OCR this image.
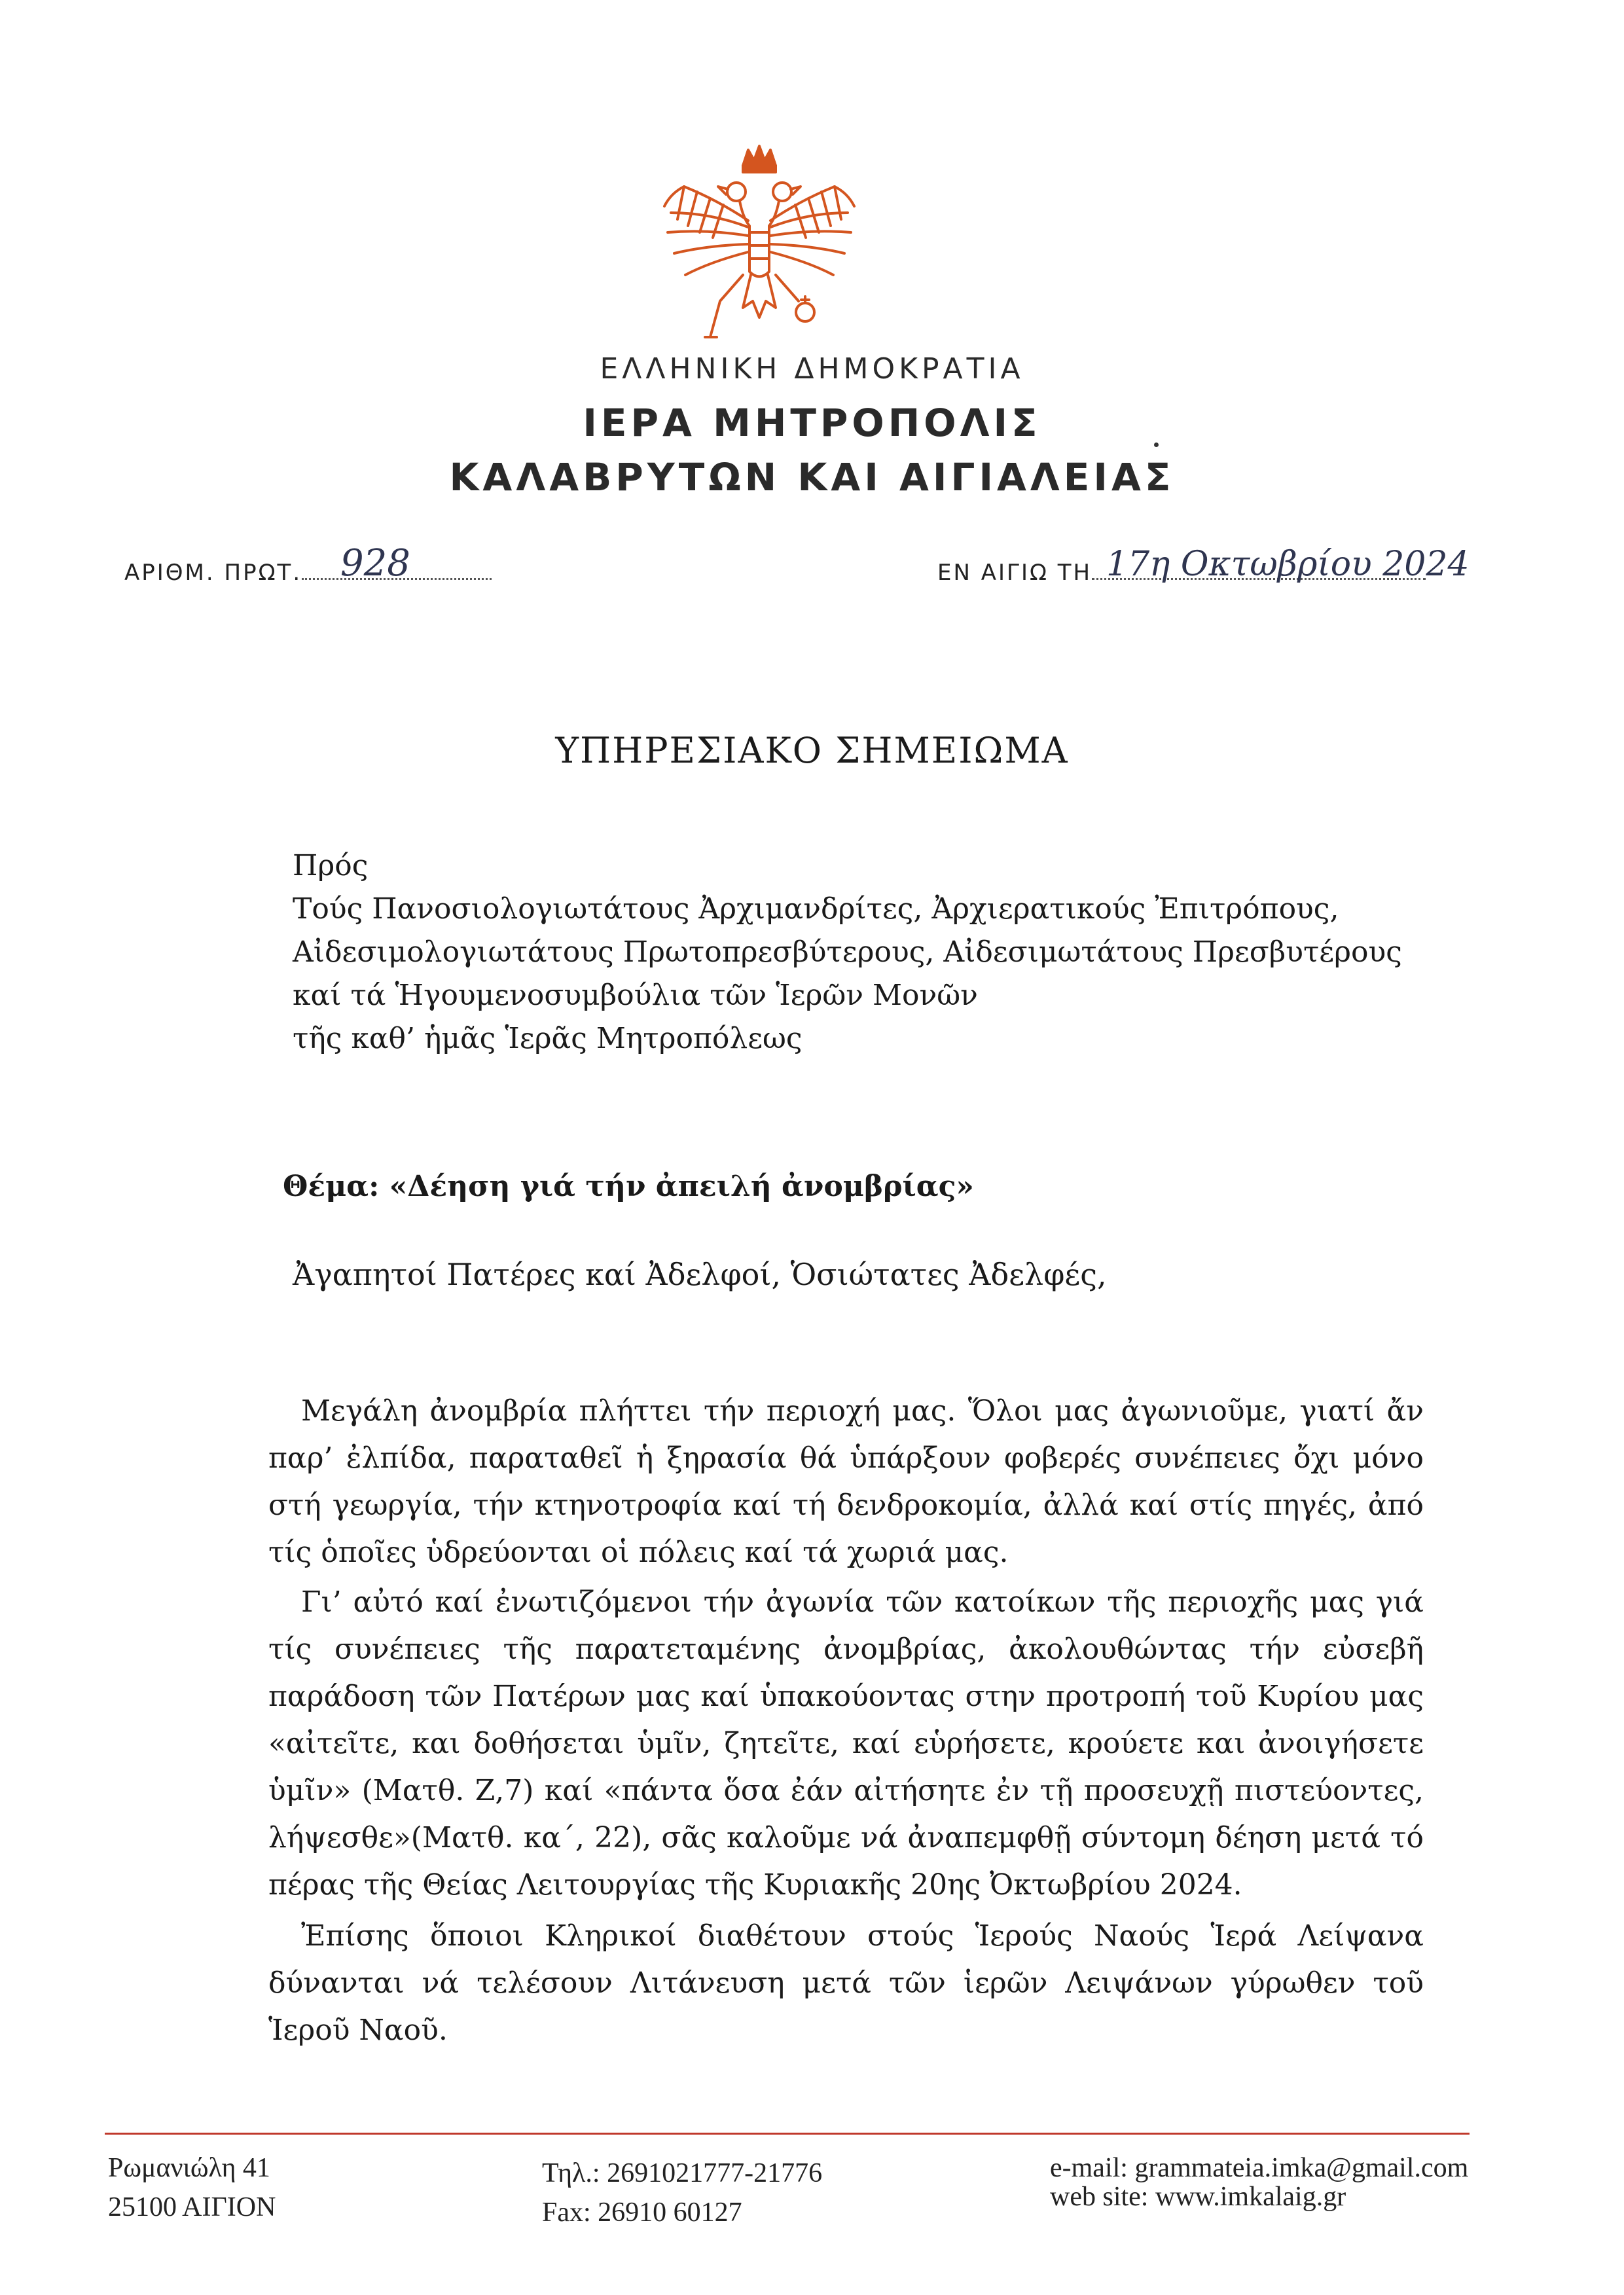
ΕΛΛΗΝΙΚΗ ΔΗΜΟΚΡΑΤΙΑ
ΙΕΡΑ ΜΗΤΡΟΠΟΛΙΣ
ΚΑΛΑΒΡΥΤΩΝ ΚΑΙ ΑΙΓΙΑΛΕΙΑΣ
ΑΡΙΘΜ. ΠΡΩΤ.	928	ΕΝ ΑΙΓΙΩ ΤΗ 17η Οκτωβρίου 2024
ΥΠΗΡΕΣΙΑΚΟ ΣΗΜΕΙΩΜΑ
Πρός
Τούς Πανοσιολογιωτάτους Ἀρχιμανδρίτες, Ἀρχιερατικούς Ἐπιτρόπους,
Αἰδεσιμολογιωτάτους Πρωτοπρεσβύτερους, Αἰδεσιμωτάτους Πρεσβυτέρους
καί τά Ἡγουμενοσυμβούλια τῶν Ἱερῶν Μονῶν
τῆς καθ’ ἡμᾶς Ἱερᾶς Μητροπόλεως
Θέμα: «Δέηση γιά τήν ἀπειλή ἀνομβρίας»
Ἀγαπητοί Πατέρες καί Ἀδελφοί, Ὁσιώτατες Ἀδελφές,

Μεγάλη ἀνομβρία πλήττει τήν περιοχή μας. Ὅλοι μας ἀγωνιοῦμε, γιατί ἄν παρ’ ἐλπίδα, παραταθεῖ ἡ ξηρασία θά ὑπάρξουν φοβερές συνέπειες ὄχι μόνο στή γεωργία, τήν κτηνοτροφία καί τή δενδροκομία, ἀλλά καί στίς πηγές, ἀπό τίς ὁποῖες ὑδρεύονται οἱ πόλεις καί τά χωριά μας.

Γι’ αὐτό καί ἐνωτιζόμενοι τήν ἀγωνία τῶν κατοίκων τῆς περιοχῆς μας γιά τίς συνέπειες τῆς παρατεταμένης ἀνομβρίας, ἀκολουθώντας τήν εὐσεβῆ παράδοση τῶν Πατέρων μας καί ὑπακούοντας στην προτροπή τοῦ Κυρίου μας «αἰτεῖτε, και δοθήσεται ὑμῖν, ζητεῖτε, καί εὑρήσετε, κρούετε και ἀνοιγήσετε ὑμῖν» (Ματθ. Ζ,7) καί «πάντα ὅσα ἐάν αἰτήσητε ἐν τῇ προσευχῇ πιστεύοντες, λήψεσθε»(Ματθ. κα΄, 22), σᾶς καλοῦμε νά ἀναπεμφθῇ σύντομη δέηση μετά τό πέρας τῆς Θείας Λειτουργίας τῆς Κυριακῆς 20ης Ὀκτωβρίου 2024.

Ἐπίσης ὅποιοι Κληρικοί διαθέτουν στούς Ἱερούς Ναούς Ἱερά Λείψανα δύνανται νά τελέσουν Λιτάνευση μετά τῶν ἱερῶν Λειψάνων γύρωθεν τοῦ Ἱεροῦ Ναοῦ.

Ρωμανιώλη 41
25100 ΑΙΓΙΟΝ
Τηλ.: 2691021777-21776
Fax: 26910 60127
e-mail: grammateia.imka@gmail.com
web site: www.imkalaig.gr
